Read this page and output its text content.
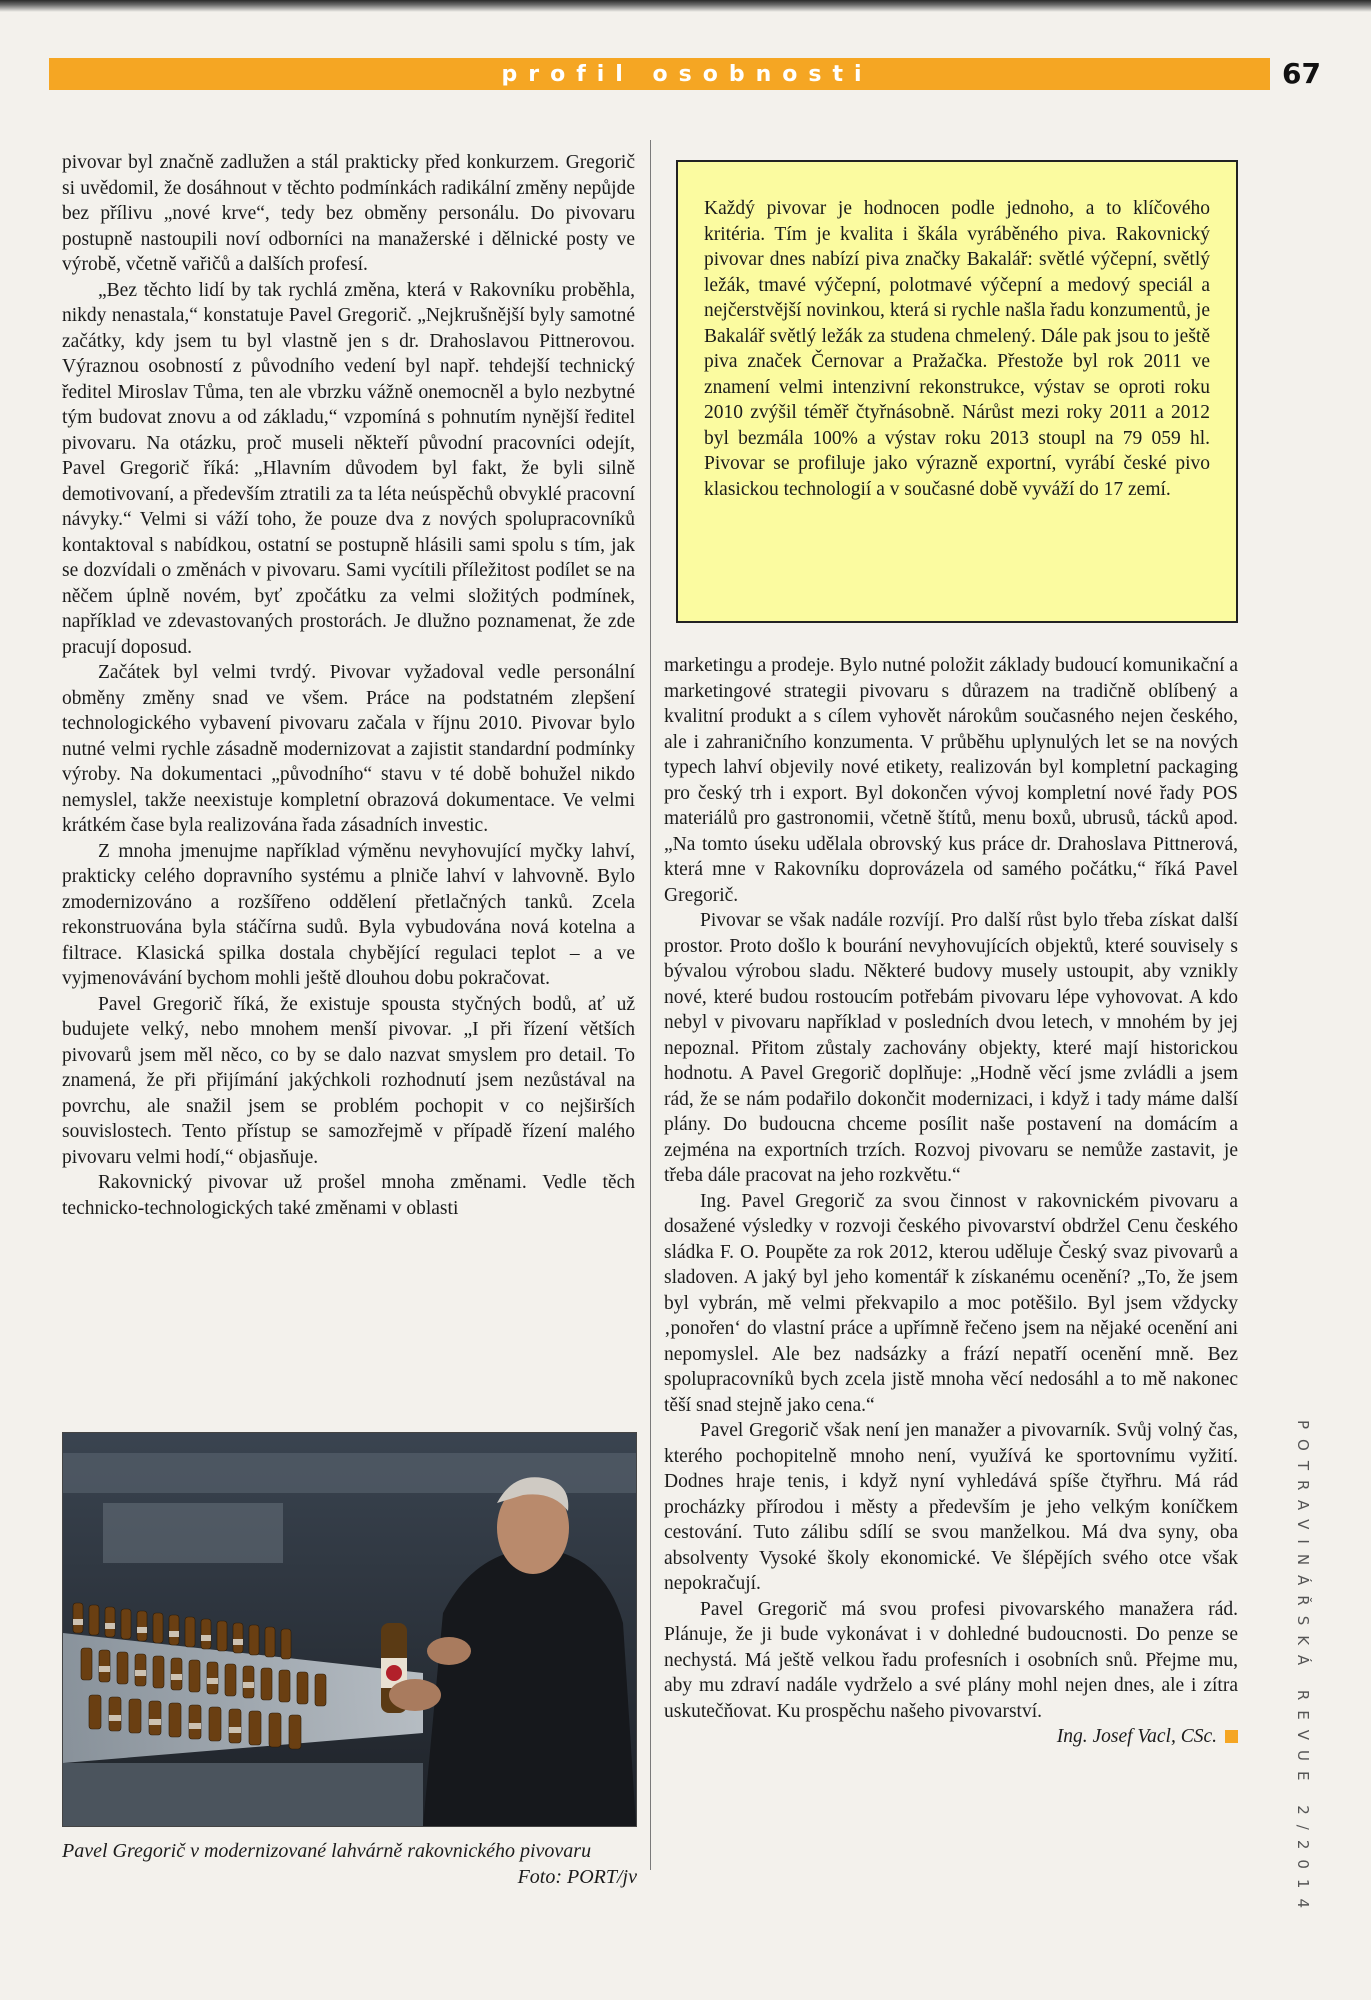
profil osobnosti	67

pivovar byl značně zadlužen a stál prakticky před konkurzem. Gregorič si uvědomil, že dosáhnout v těchto podmínkách radikální změny nepůjde bez přílivu „nové krve“, tedy bez obměny personálu. Do pivovaru postupně nastoupili noví odborníci na manažerské i dělnické posty ve výrobě, včetně vařičů a dalších profesí.

„Bez těchto lidí by tak rychlá změna, která v Rakovníku proběhla, nikdy nenastala,“ konstatuje Pavel Gregorič. „Nejkrušnější byly samotné začátky, kdy jsem tu byl vlastně jen s dr. Drahoslavou Pittnerovou. Výraznou osobností z původního vedení byl např. tehdejší technický ředitel Miroslav Tůma, ten ale vbrzku vážně onemocněl a bylo nezbytné tým budovat znovu a od základu,“ vzpomíná s pohnutím nynější ředitel pivovaru. Na otázku, proč museli někteří původní pracovníci odejít, Pavel Gregorič říká: „Hlavním důvodem byl fakt, že byli silně demotivovaní, a především ztratili za ta léta neúspěchů obvyklé pracovní návyky.“ Velmi si váží toho, že pouze dva z nových spolupracovníků kontaktoval s nabídkou, ostatní se postupně hlásili sami spolu s tím, jak se dozvídali o změnách v pivovaru. Sami vycítili příležitost podílet se na něčem úplně novém, byť zpočátku za velmi složitých podmínek, například ve zdevastovaných prostorách. Je dlužno poznamenat, že zde pracují doposud.

Začátek byl velmi tvrdý. Pivovar vyžadoval vedle personální obměny změny snad ve všem. Práce na podstatném zlepšení technologického vybavení pivovaru začala v říjnu 2010. Pivovar bylo nutné velmi rychle zásadně modernizovat a zajistit standardní podmínky výroby. Na dokumentaci „původního“ stavu v té době bohužel nikdo nemyslel, takže neexistuje kompletní obrazová dokumentace. Ve velmi krátkém čase byla realizována řada zásadních investic.

Z mnoha jmenujme například výměnu nevyhovující myčky lahví, prakticky celého dopravního systému a plniče lahví v lahvovně. Bylo zmodernizováno a rozšířeno oddělení přetlačných tanků. Zcela rekonstruována byla stáčírna sudů. Byla vybudována nová kotelna a filtrace. Klasická spilka dostala chybějící regulaci teplot – a ve vyjmenovávání bychom mohli ještě dlouhou dobu pokračovat.

Pavel Gregorič říká, že existuje spousta styčných bodů, ať už budujete velký, nebo mnohem menší pivovar. „I při řízení větších pivovarů jsem měl něco, co by se dalo nazvat smyslem pro detail. To znamená, že při přijímání jakýchkoli rozhodnutí jsem nezůstával na povrchu, ale snažil jsem se problém pochopit v co nejširších souvislostech. Tento přístup se samozřejmě v případě řízení malého pivovaru velmi hodí,“ objasňuje.

Rakovnický pivovar už prošel mnoha změnami. Vedle těch technicko-technologických také změnami v oblasti

Každý pivovar je hodnocen podle jednoho, a to klíčového kritéria. Tím je kvalita i škála vyráběného piva. Rakovnický pivovar dnes nabízí piva značky Bakalář: světlé výčepní, světlý ležák, tmavé výčepní, polotmavé výčepní a medový speciál a nejčerstvější novinkou, která si rychle našla řadu konzumentů, je Bakalář světlý ležák za studena chmelený. Dále pak jsou to ještě piva značek Černovar a Pražačka. Přestože byl rok 2011 ve znamení velmi intenzivní rekonstrukce, výstav se oproti roku 2010 zvýšil téměř čtyřnásobně. Nárůst mezi roky 2011 a 2012 byl bezmála 100% a výstav roku 2013 stoupl na 79 059 hl. Pivovar se profiluje jako výrazně exportní, vyrábí české pivo klasickou technologií a v současné době vyváží do 17 zemí.

marketingu a prodeje. Bylo nutné položit základy budoucí komunikační a marketingové strategii pivovaru s důrazem na tradičně oblíbený a kvalitní produkt a s cílem vyhovět nárokům současného nejen českého, ale i zahraničního konzumenta. V průběhu uplynulých let se na nových typech lahví objevily nové etikety, realizován byl kompletní packaging pro český trh i export. Byl dokončen vývoj kompletní nové řady POS materiálů pro gastronomii, včetně štítů, menu boxů, ubrusů, tácků apod. „Na tomto úseku udělala obrovský kus práce dr. Drahoslava Pittnerová, která mne v Rakovníku doprovázela od samého počátku,“ říká Pavel Gregorič.

Pivovar se však nadále rozvíjí. Pro další růst bylo třeba získat další prostor. Proto došlo k bourání nevyhovujících objektů, které souvisely s bývalou výrobou sladu. Některé budovy musely ustoupit, aby vznikly nové, které budou rostoucím potřebám pivovaru lépe vyhovovat. A kdo nebyl v pivovaru například v posledních dvou letech, v mnohém by jej nepoznal. Přitom zůstaly zachovány objekty, které mají historickou hodnotu. A Pavel Gregorič doplňuje: „Hodně věcí jsme zvládli a jsem rád, že se nám podařilo dokončit modernizaci, i když i tady máme další plány. Do budoucna chceme posílit naše postavení na domácím a zejména na exportních trzích. Rozvoj pivovaru se nemůže zastavit, je třeba dále pracovat na jeho rozkvětu.“

Ing. Pavel Gregorič za svou činnost v rakovnickém pivovaru a dosažené výsledky v rozvoji českého pivovarství obdržel Cenu českého sládka F. O. Poupěte za rok 2012, kterou uděluje Český svaz pivovarů a sladoven. A jaký byl jeho komentář k získanému ocenění? „To, že jsem byl vybrán, mě velmi překvapilo a moc potěšilo. Byl jsem vždycky ‚ponořen‘ do vlastní práce a upřímně řečeno jsem na nějaké ocenění ani nepomyslel. Ale bez nadsázky a frází nepatří ocenění mně. Bez spolupracovníků bych zcela jistě mnoha věcí nedosáhl a to mě nakonec těší snad stejně jako cena.“

Pavel Gregorič však není jen manažer a pivovarník. Svůj volný čas, kterého pochopitelně mnoho není, využívá ke sportovnímu vyžití. Dodnes hraje tenis, i když nyní vyhledává spíše čtyřhru. Má rád procházky přírodou i městy a především je jeho velkým koníčkem cestování. Tuto zálibu sdílí se svou manželkou. Má dva syny, oba absolventy Vysoké školy ekonomické. Ve šlépějích svého otce však nepokračují.

Pavel Gregorič má svou profesi pivovarského manažera rád. Plánuje, že ji bude vykonávat i v dohledné budoucnosti. Do penze se nechystá. Má ještě velkou řadu profesních i osobních snů. Přejme mu, aby mu zdraví nadále vydrželo a své plány mohl nejen dnes, ale i zítra uskutečňovat. Ku prospěchu našeho pivovarství.
Ing. Josef Vacl, CSc.

Pavel Gregorič v modernizované lahvárně rakovnického pivovaru
Foto: PORT/jv	POTRAVINÁŘSKÁ REVUE 2/2014
